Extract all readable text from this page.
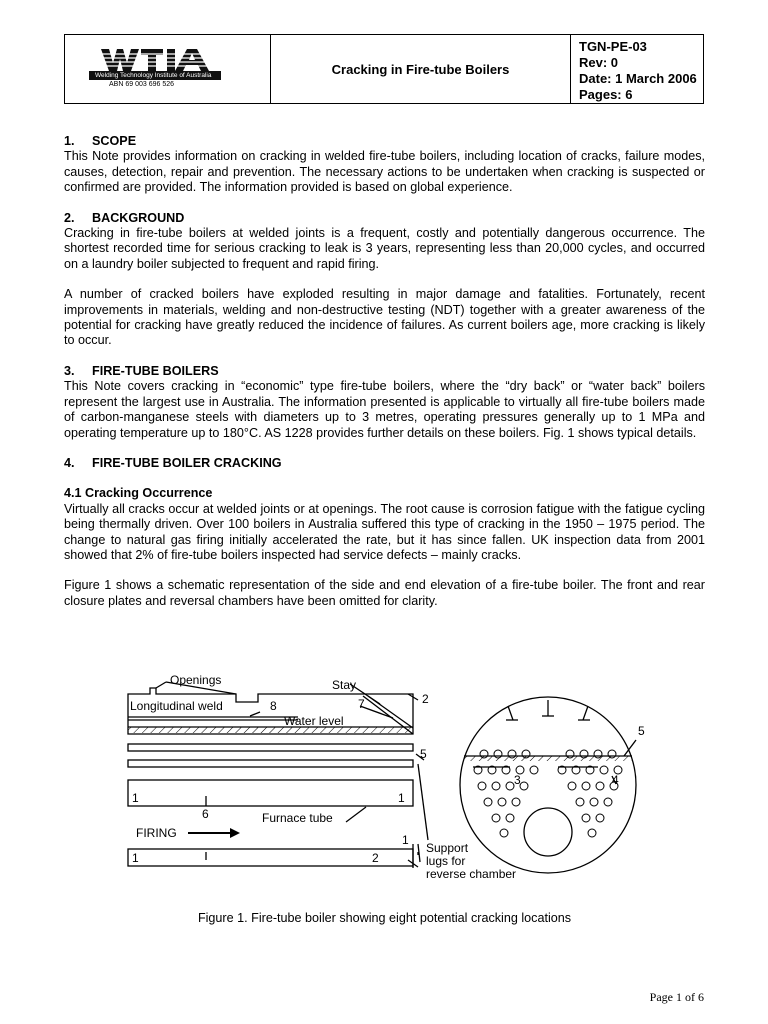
Welding Technology Institute of Australia
ABN 69 003 696 526
Cracking in Fire-tube Boilers
TGN-PE-03
Rev: 0
Date: 1 March 2006
Pages: 6
1. SCOPE

This Note provides information on cracking in welded fire-tube boilers, including location of cracks, failure modes, causes, detection, repair and prevention. The necessary actions to be undertaken when cracking is suspected or confirmed are provided. The information provided is based on global experience.

2. BACKGROUND

Cracking in fire-tube boilers at welded joints is a frequent, costly and potentially dangerous occurrence. The shortest recorded time for serious cracking to leak is 3 years, representing less than 20,000 cycles, and occurred on a laundry boiler subjected to frequent and rapid firing.

A number of cracked boilers have exploded resulting in major damage and fatalities. Fortunately, recent improvements in materials, welding and non-destructive testing (NDT) together with a greater awareness of the potential for cracking have greatly reduced the incidence of failures. As current boilers age, more cracking is likely to occur.

3. FIRE-TUBE BOILERS

This Note covers cracking in “economic” type fire-tube boilers, where the “dry back” or “water back” boilers represent the largest use in Australia. The information presented is applicable to virtually all fire-tube boilers made of carbon-manganese steels with diameters up to 3 metres, operating pressures generally up to 1 MPa and operating temperature up to 180°C. AS 1228 provides further details on these boilers. Fig. 1 shows typical details.

4. FIRE-TUBE BOILER CRACKING
4.1 Cracking Occurrence

Virtually all cracks occur at welded joints or at openings. The root cause is corrosion fatigue with the fatigue cycling being thermally driven. Over 100 boilers in Australia suffered this type of cracking in the 1950 – 1975 period. The change to natural gas firing initially accelerated the rate, but it has since fallen. UK inspection data from 2001 showed that 2% of fire-tube boilers inspected had service defects – mainly cracks.

Figure 1 shows a schematic representation of the side and end elevation of a fire-tube boiler. The front and rear closure plates and reversal chambers have been omitted for clarity.

Openings	Stay
Longitudinal weld
Water level
Furnace tube
FIRING
Support
lugs for
reverse chamber
2
7
8
5
1	1
6
1
1	2
5
3	4
Figure 1. Fire-tube boiler showing eight potential cracking locations
Page 1 of 6
